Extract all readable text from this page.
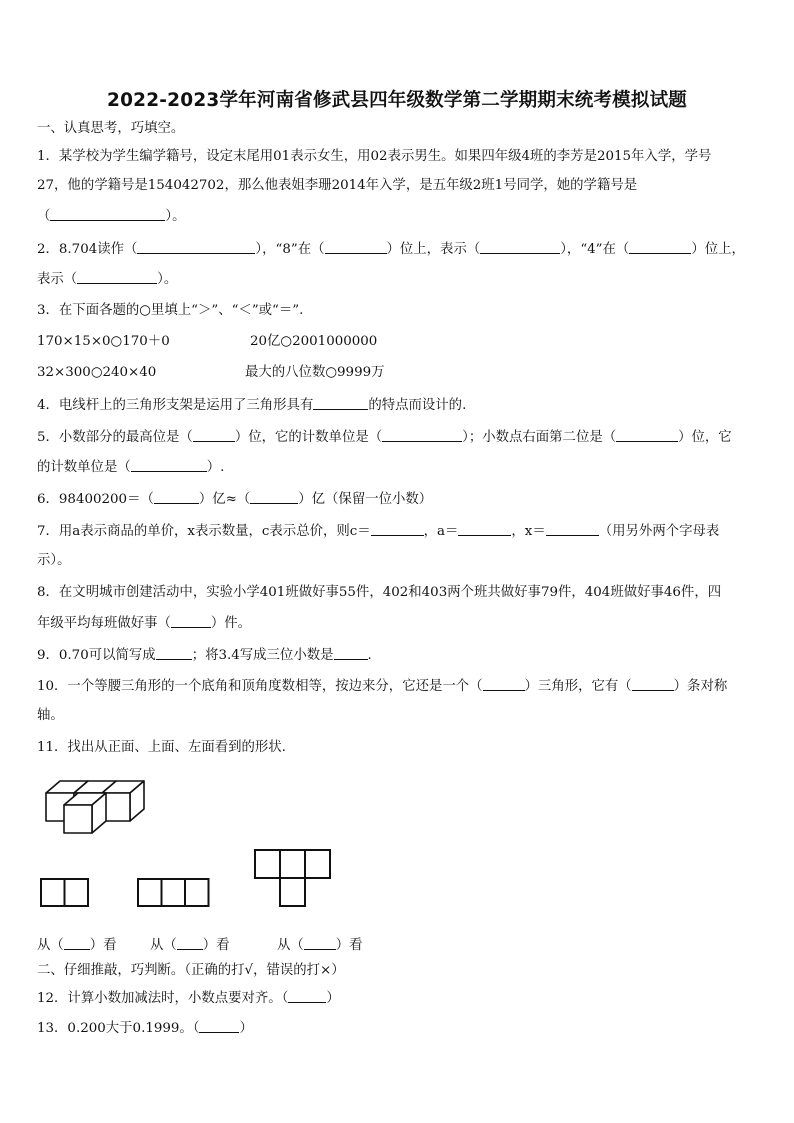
2022-2023学年河南省修武县四年级数学第二学期期末统考模拟试题
一、认真思考，巧填空。
1．某学校为学生编学籍号，设定末尾用01表示女生，用02表示男生。如果四年级4班的李芳是2015年入学，学号
27，他的学籍号是154042702，那么他表姐李珊2014年入学，是五年级2班1号同学，她的学籍号是
（	）。
2．8.704读作（	），“8”在（	）位上，表示（	），“4”在（	）位上，
表示（	）。
3．在下面各题的○里填上“＞”、“＜”或“＝”.
170×15×0○170＋0	20亿○2001000000
32×300○240×40	最大的八位数○9999万
4．电线杆上的三角形支架是运用了三角形具有	的特点而设计的.
5．小数部分的最高位是（	）位，它的计数单位是（	）；小数点右面第二位是（	）位，它
的计数单位是（	）.
6．98400200＝（	）亿≈（	）亿（保留一位小数）
7．用a表示商品的单价，x表示数量，c表示总价，则c＝	，a＝	，x＝	（用另外两个字母表
示）。
8．在文明城市创建活动中，实验小学401班做好事55件，402和403两个班共做好事79件，404班做好事46件，四
年级平均每班做好事（	）件。
9．0.70可以简写成	；将3.4写成三位小数是	.
10．一个等腰三角形的一个底角和顶角度数相等，按边来分，它还是一个（	）三角形，它有（	）条对称
轴。
11．找出从正面、上面、左面看到的形状.
从（ ）看 从（ ）看	从（ ）看
二、仔细推敲，巧判断。（正确的打√，错误的打×）
12．计算小数加减法时，小数点要对齐。（	）
13．0.200大于0.1999。（	）
